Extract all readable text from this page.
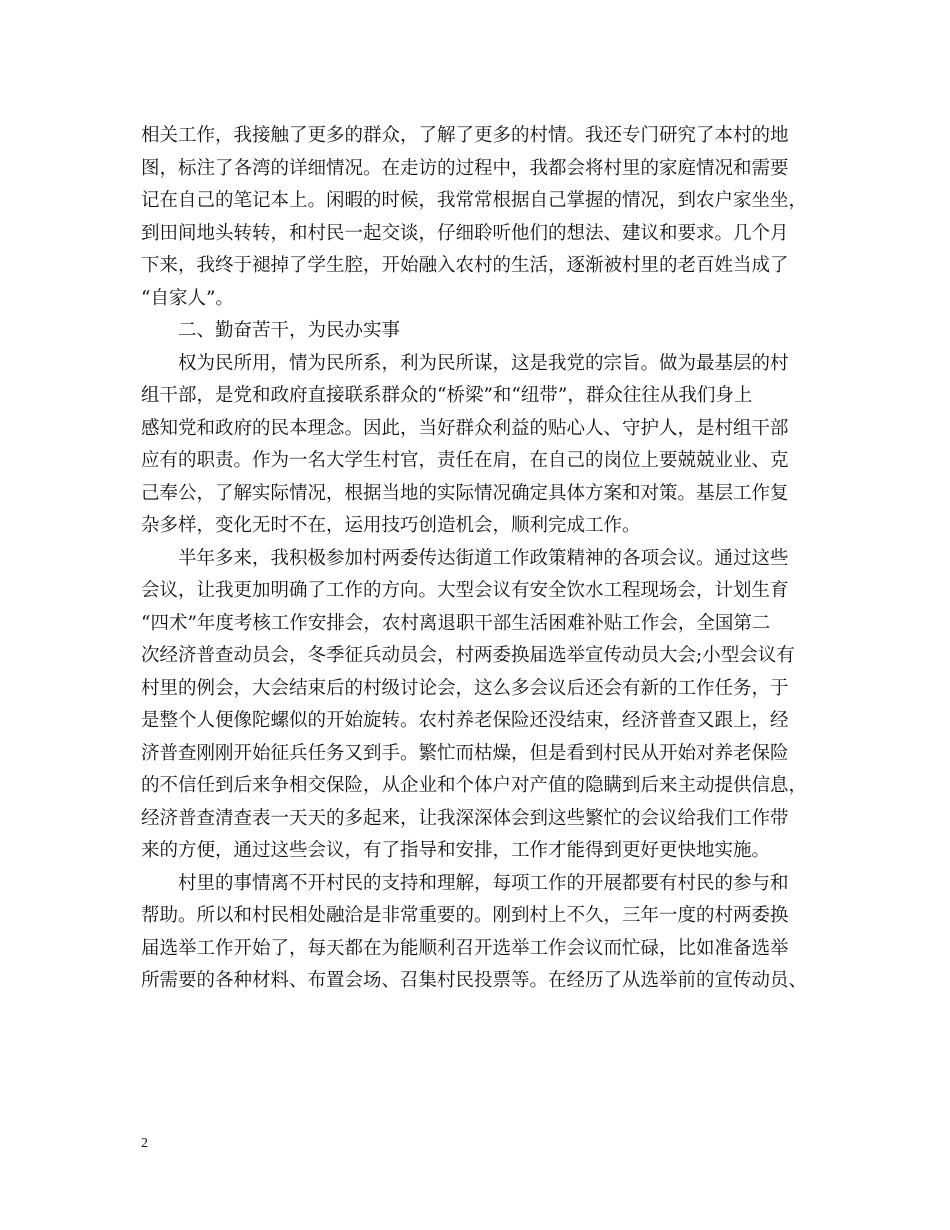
相关工作，我接触了更多的群众，了解了更多的村情。我还专门研究了本村的地
图，标注了各湾的详细情况。在走访的过程中，我都会将村里的家庭情况和需要
记在自己的笔记本上。闲暇的时候，我常常根据自己掌握的情况，到农户家坐坐，
到田间地头转转，和村民一起交谈，仔细聆听他们的想法、建议和要求。几个月
下来，我终于褪掉了学生腔，开始融入农村的生活，逐渐被村里的老百姓当成了
“自家人”。
二、勤奋苦干，为民办实事
权为民所用，情为民所系，利为民所谋，这是我党的宗旨。做为最基层的村
组干部，是党和政府直接联系群众的“桥梁”和“纽带”，群众往往从我们身上
感知党和政府的民本理念。因此，当好群众利益的贴心人、守护人，是村组干部
应有的职责。作为一名大学生村官，责任在肩，在自己的岗位上要兢兢业业、克
己奉公，了解实际情况，根据当地的实际情况确定具体方案和对策。基层工作复
杂多样，变化无时不在，运用技巧创造机会，顺利完成工作。
半年多来，我积极参加村两委传达街道工作政策精神的各项会议。通过这些
会议，让我更加明确了工作的方向。大型会议有安全饮水工程现场会，计划生育
“四术”年度考核工作安排会，农村离退职干部生活困难补贴工作会，全国第二
次经济普查动员会，冬季征兵动员会，村两委换届选举宣传动员大会;小型会议有
村里的例会，大会结束后的村级讨论会，这么多会议后还会有新的工作任务，于
是整个人便像陀螺似的开始旋转。农村养老保险还没结束，经济普查又跟上，经
济普查刚刚开始征兵任务又到手。繁忙而枯燥，但是看到村民从开始对养老保险
的不信任到后来争相交保险，从企业和个体户对产值的隐瞒到后来主动提供信息，
经济普查清查表一天天的多起来，让我深深体会到这些繁忙的会议给我们工作带
来的方便，通过这些会议，有了指导和安排，工作才能得到更好更快地实施。
村里的事情离不开村民的支持和理解，每项工作的开展都要有村民的参与和
帮助。所以和村民相处融洽是非常重要的。刚到村上不久，三年一度的村两委换
届选举工作开始了，每天都在为能顺利召开选举工作会议而忙碌，比如准备选举
所需要的各种材料、布置会场、召集村民投票等。在经历了从选举前的宣传动员、
2
